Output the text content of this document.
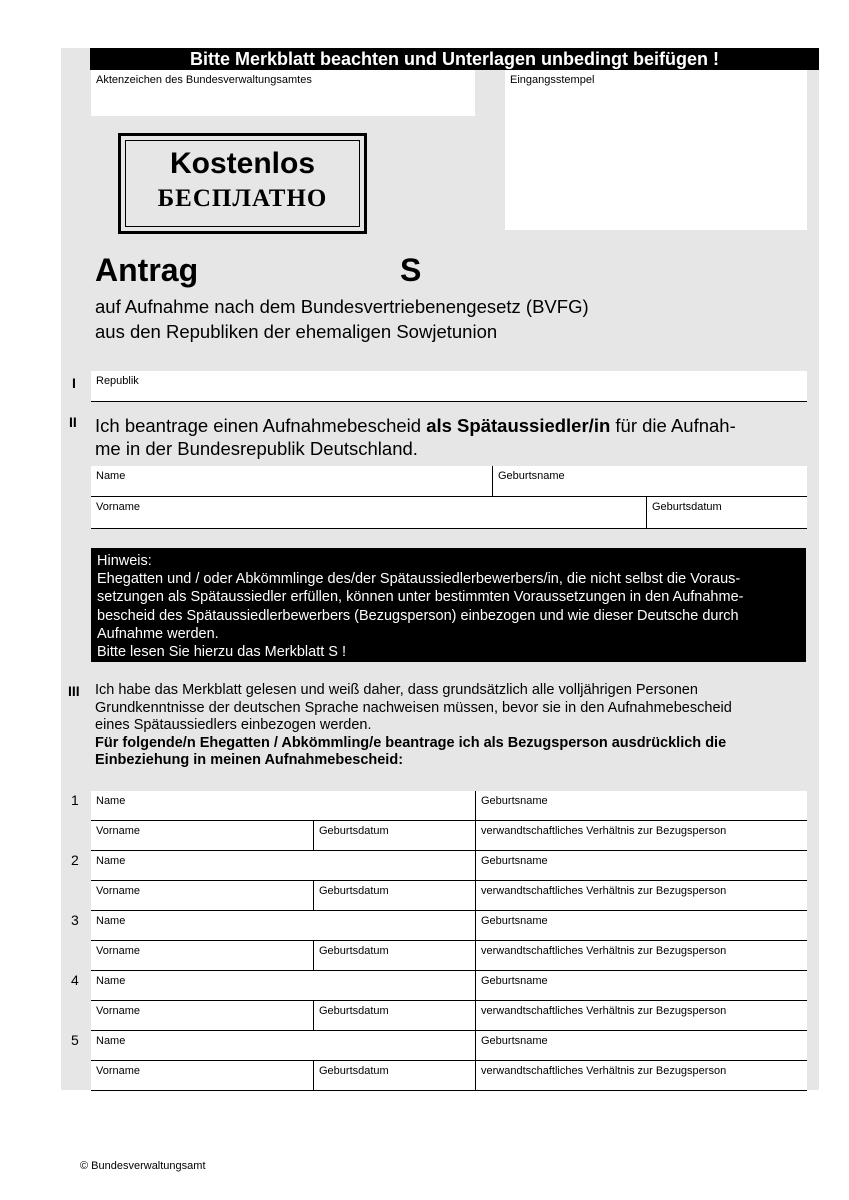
Bitte Merkblatt beachten und Unterlagen unbedingt beifügen !
Aktenzeichen des Bundesverwaltungsamtes	Eingangsstempel
Kostenlos
БЕСПЛАТНО
Antrag	S
auf Aufnahme nach dem Bundesvertriebenengesetz (BVFG)
aus den Republiken der ehemaligen Sowjetunion
I Republik
II Ich beantrage einen Aufnahmebescheid als Spätaussiedler/in für die Aufnah-
me in der Bundesrepublik Deutschland.
Name	Geburtsname
Vorname	Geburtsdatum
Hinweis:
Ehegatten und / oder Abkömmlinge des/der Spätaussiedlerbewerbers/in, die nicht selbst die Voraus-
setzungen als Spätaussiedler erfüllen, können unter bestimmten Voraussetzungen in den Aufnahme-
bescheid des Spätaussiedlerbewerbers (Bezugsperson) einbezogen und wie dieser Deutsche durch
Aufnahme werden.
Bitte lesen Sie hierzu das Merkblatt S !
III Ich habe das Merkblatt gelesen und weiß daher, dass grundsätzlich alle volljährigen Personen
Grundkenntnisse der deutschen Sprache nachweisen müssen, bevor sie in den Aufnahmebescheid
eines Spätaussiedlers einbezogen werden.
Für folgende/n Ehegatten / Abkömmling/e beantrage ich als Bezugsperson ausdrücklich die
Einbeziehung in meinen Aufnahmebescheid:
1 Name	Geburtsname
Vorname	Geburtsdatum	verwandtschaftliches Verhältnis zur Bezugsperson
2 Name	Geburtsname
Vorname	Geburtsdatum	verwandtschaftliches Verhältnis zur Bezugsperson
3 Name	Geburtsname
Vorname	Geburtsdatum	verwandtschaftliches Verhältnis zur Bezugsperson
4 Name	Geburtsname
Vorname	Geburtsdatum	verwandtschaftliches Verhältnis zur Bezugsperson
5 Name	Geburtsname
Vorname	Geburtsdatum	verwandtschaftliches Verhältnis zur Bezugsperson
© Bundesverwaltungsamt
